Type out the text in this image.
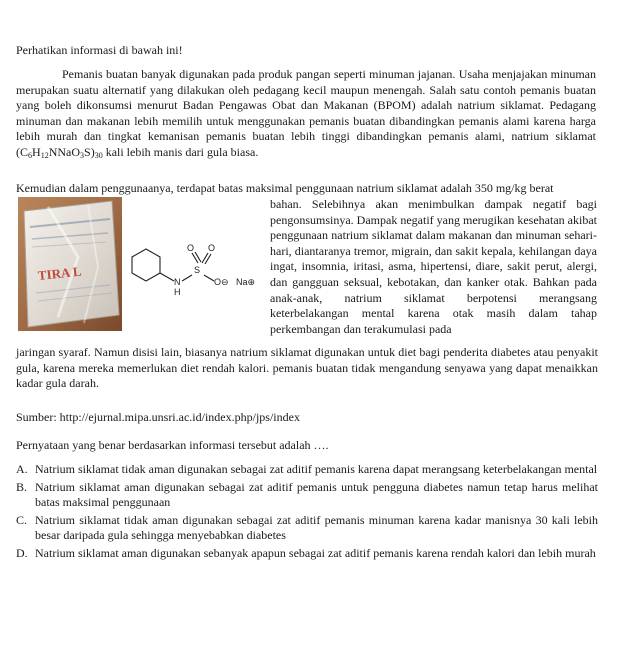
Perhatikan informasi di bawah ini!
Pemanis buatan banyak digunakan pada produk pangan seperti minuman jajanan. Usaha menjajakan minuman merupakan suatu alternatif yang dilakukan oleh pedagang kecil maupun menengah. Salah satu contoh pemanis buatan yang boleh dikonsumsi menurut Badan Pengawas Obat dan Makanan (BPOM) adalah natrium siklamat. Pedagang minuman dan makanan lebih memilih untuk menggunakan pemanis buatan dibandingkan pemanis alami karena harga lebih murah dan tingkat kemanisan pemanis buatan lebih tinggi dibandingkan pemanis alami, natrium siklamat $(C_6H_{12}NNaO_3S)_{30}$ kali lebih manis dari gula biasa.
Kemudian dalam penggunaanya, terdapat batas maksimal penggunaan natrium siklamat adalah 350 mg/kg berat
TIRA L	N
H
S
O O
O⊖ Na⊕
bahan. Selebihnya akan menimbulkan dampak negatif bagi pengonsumsinya. Dampak negatif yang merugikan kesehatan akibat penggunaan natrium siklamat dalam makanan dan minuman sehari-hari, diantaranya tremor, migrain, dan sakit kepala, kehilangan daya ingat, insomnia, iritasi, asma, hipertensi, diare, sakit perut, alergi, dan gangguan seksual, kebotakan, dan kanker otak. Bahkan pada anak-anak, natrium siklamat berpotensi merangsang keterbelakangan mental karena otak masih dalam tahap perkembangan dan terakumulasi pada
jaringan syaraf. Namun disisi lain, biasanya natrium siklamat digunakan untuk diet bagi penderita diabetes atau penyakit gula, karena mereka memerlukan diet rendah kalori. pemanis buatan tidak mengandung senyawa yang dapat menaikkan kadar gula darah.
Sumber: http://ejurnal.mipa.unsri.ac.id/index.php/jps/index
Pernyataan yang benar berdasarkan informasi tersebut adalah ….
A. Natrium siklamat tidak aman digunakan sebagai zat aditif pemanis karena dapat merangsang keterbelakangan mental
B. Natrium siklamat aman digunakan sebagai zat aditif pemanis untuk pengguna diabetes namun tetap harus melihat batas maksimal penggunaan
C. Natrium siklamat tidak aman digunakan sebagai zat aditif pemanis minuman karena kadar manisnya 30 kali lebih besar daripada gula sehingga menyebabkan diabetes
D. Natrium siklamat aman digunakan sebanyak apapun sebagai zat aditif pemanis karena rendah kalori dan lebih murah
